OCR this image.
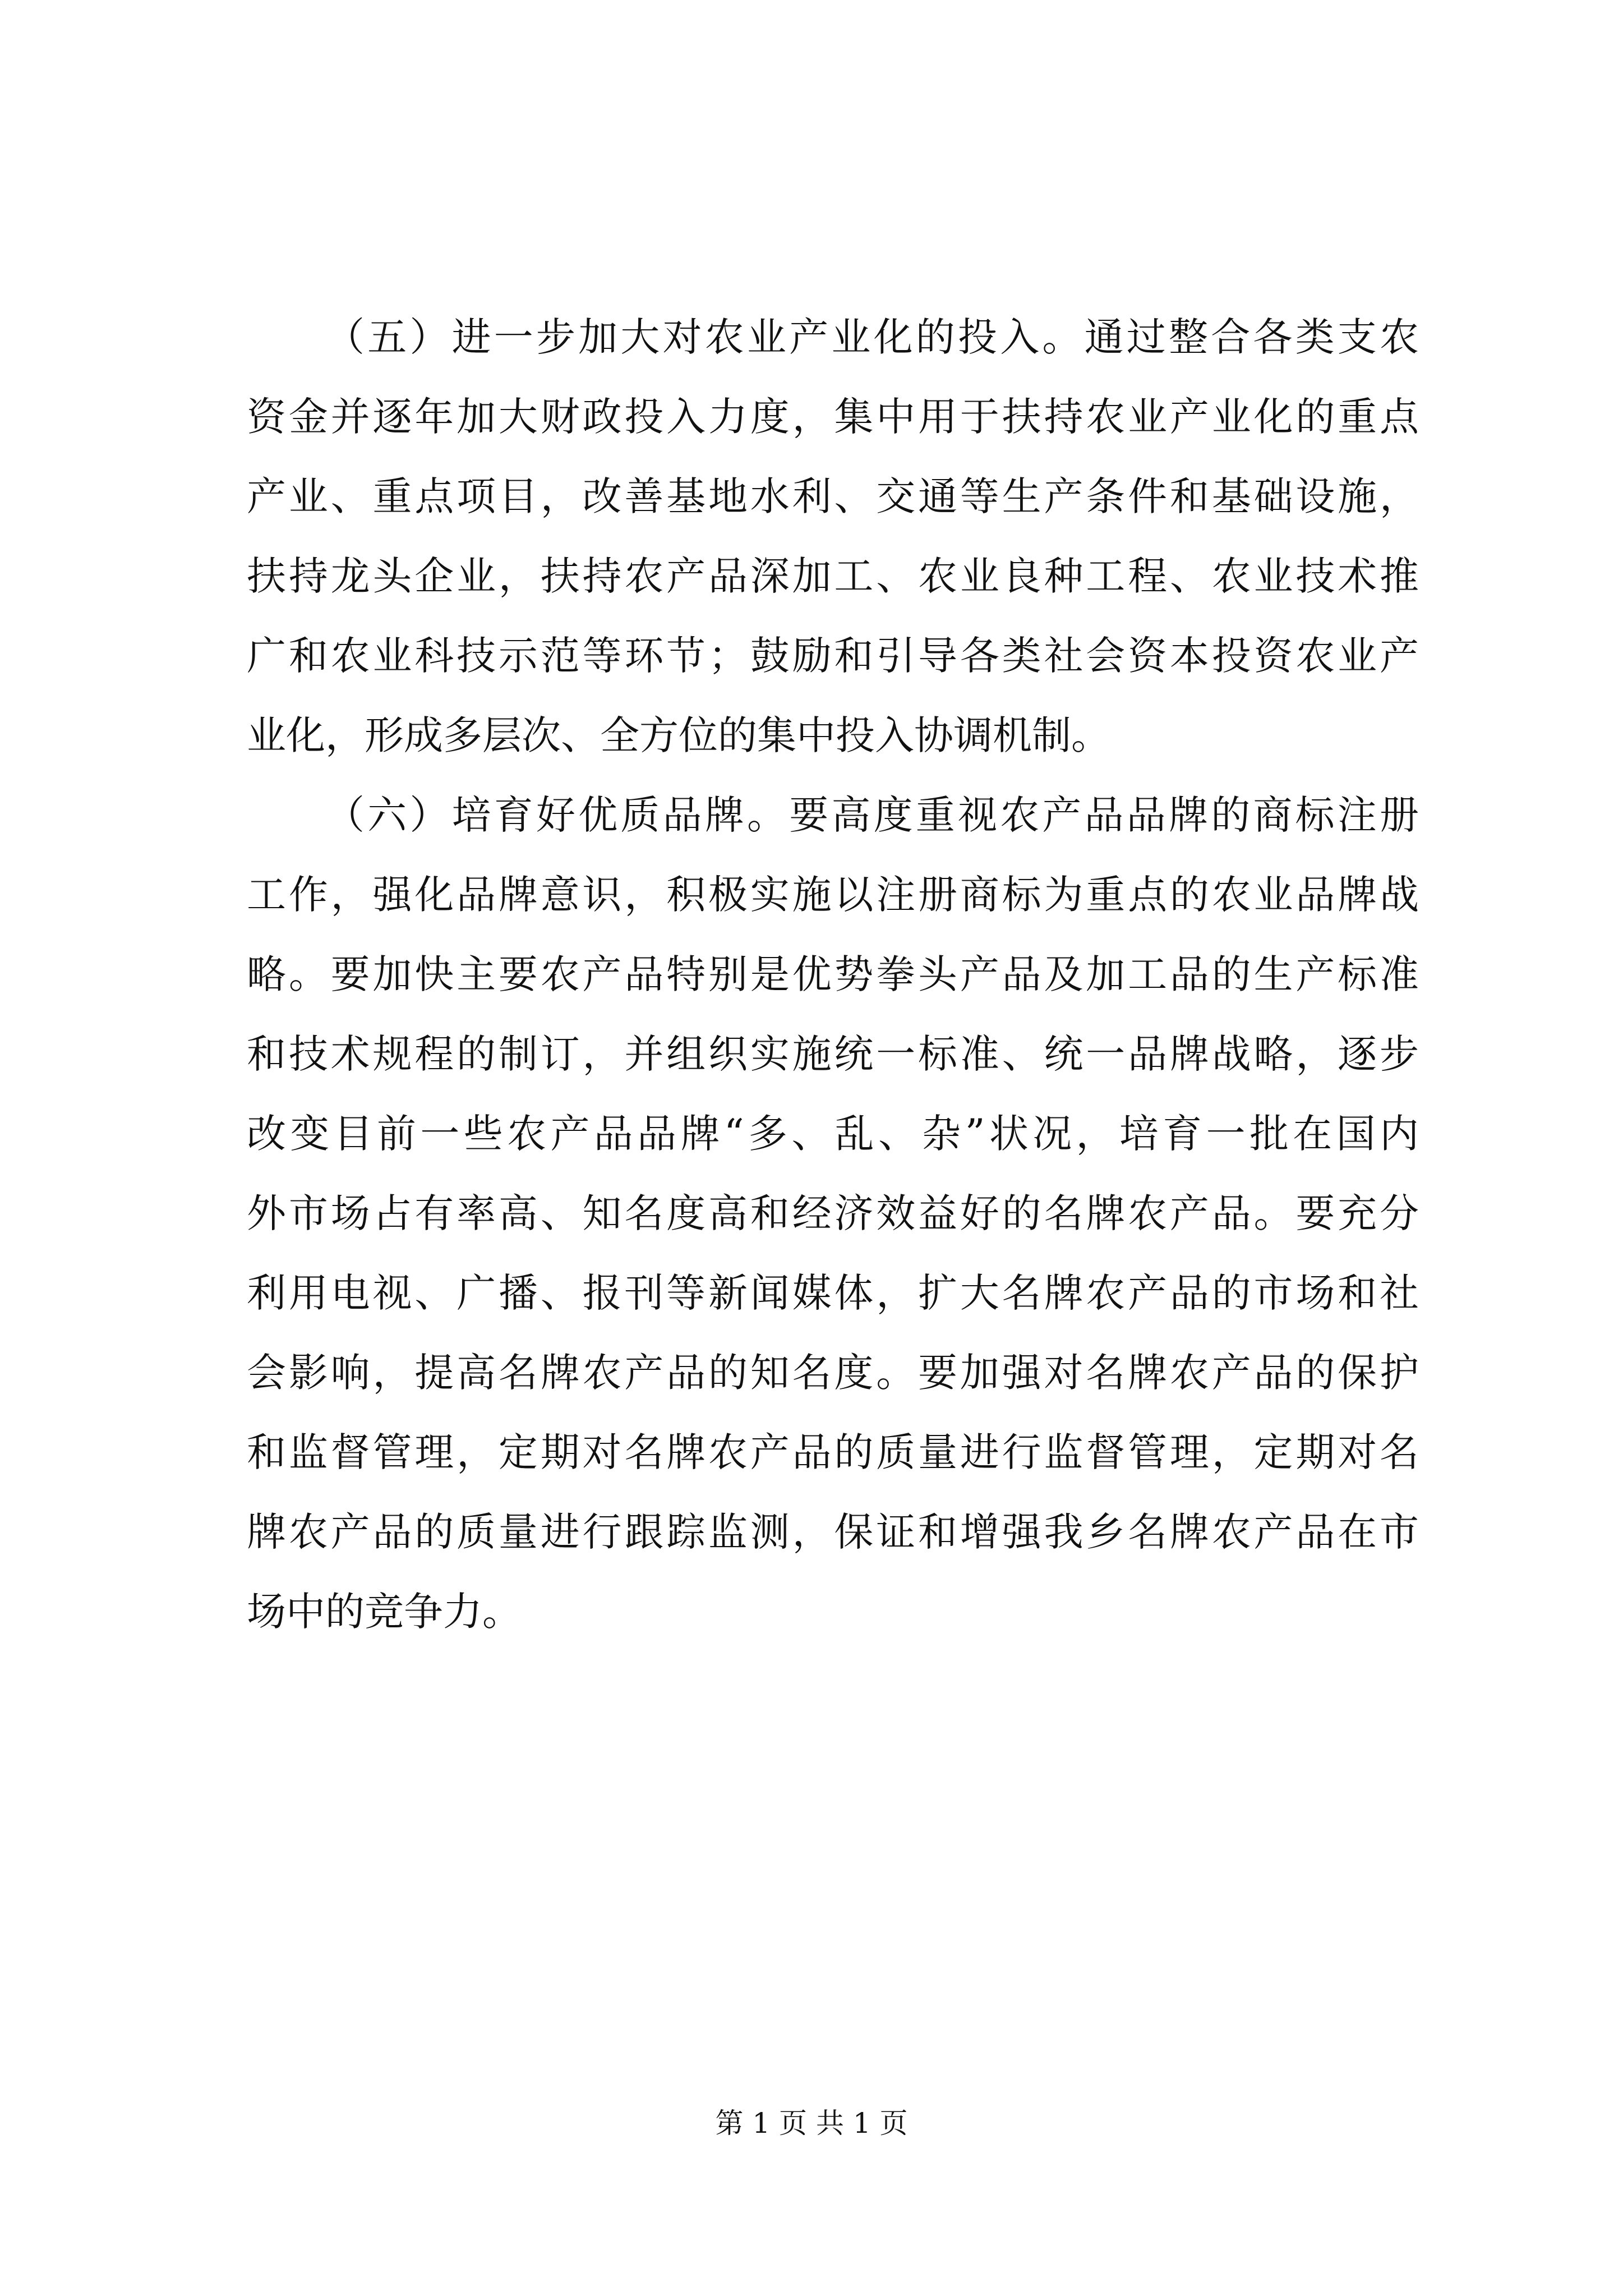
（五）进一步加大对农业产业化的投入。通过整合各类支农
资金并逐年加大财政投入力度，集中用于扶持农业产业化的重点
产业、重点项目，改善基地水利、交通等生产条件和基础设施，
扶持龙头企业，扶持农产品深加工、农业良种工程、农业技术推
广和农业科技示范等环节；鼓励和引导各类社会资本投资农业产
业化，形成多层次、全方位的集中投入协调机制。
（六）培育好优质品牌。要高度重视农产品品牌的商标注册
工作，强化品牌意识，积极实施以注册商标为重点的农业品牌战
略。要加快主要农产品特别是优势拳头产品及加工品的生产标准
和技术规程的制订，并组织实施统一标准、统一品牌战略，逐步
改变目前一些农产品品牌“多、乱、杂”状况，培育一批在国内
外市场占有率高、知名度高和经济效益好的名牌农产品。要充分
利用电视、广播、报刊等新闻媒体，扩大名牌农产品的市场和社
会影响，提高名牌农产品的知名度。要加强对名牌农产品的保护
和监督管理，定期对名牌农产品的质量进行监督管理，定期对名
牌农产品的质量进行跟踪监测，保证和增强我乡名牌农产品在市
场中的竞争力。
第 1 页 共 1 页
